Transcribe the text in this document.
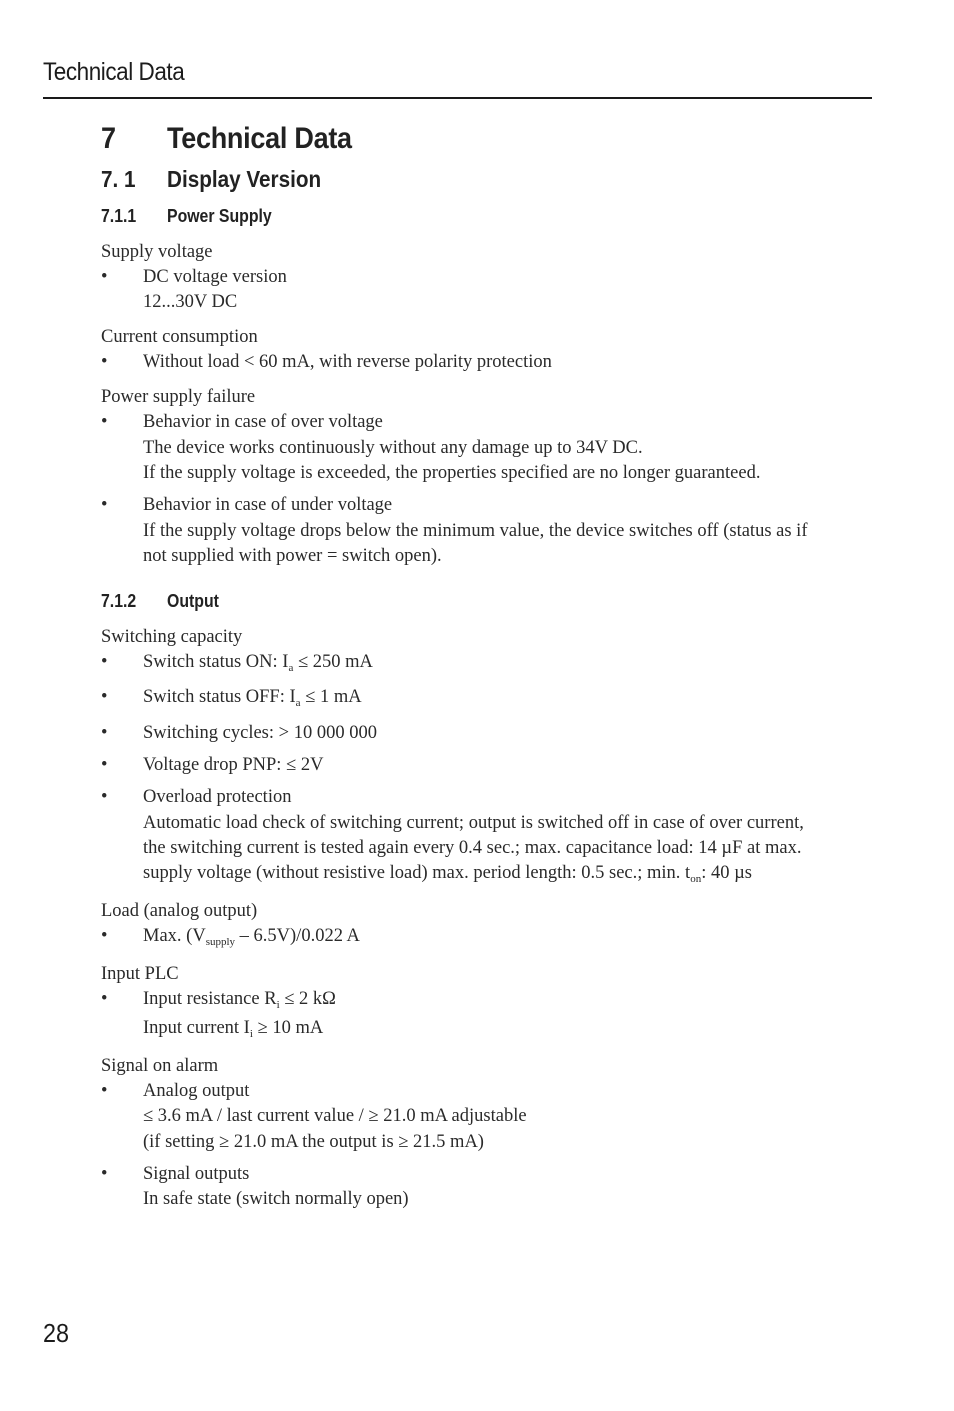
Technical Data
7 Technical Data
7. 1 Display Version
7.1.1 Power Supply
Supply voltage
• DC voltage version
12...30V DC
Current consumption
• Without load < 60 mA, with reverse polarity protection
Power supply failure
• Behavior in case of over voltage
The device works continuously without any damage up to 34V DC.
If the supply voltage is exceeded, the properties specified are no longer guaranteed.
• Behavior in case of under voltage
If the supply voltage drops below the minimum value, the device switches off (status as if
not supplied with power = switch open).
7.1.2 Output
Switching capacity
• Switch status ON: $I_a \le 250$ mA
• Switch status OFF: $I_a \le 1$ mA
• Switching cycles: > 10 000 000
• Voltage drop PNP: ≤ 2V
• Overload protection
Automatic load check of switching current; output is switched off in case of over current,
the switching current is tested again every 0.4 sec.; max. capacitance load: 14 µF at max.
supply voltage (without resistive load) max. period length: 0.5 sec.; min. $t_{on}$: 40 µs
Load (analog output)
• Max. $(V_{supply} - 6.5V)/0.022$ A
Input PLC
• Input resistance $R_i \le 2$ kΩ
Input current $I_i \ge 10$ mA
Signal on alarm
• Analog output
≤ 3.6 mA / last current value / ≥ 21.0 mA adjustable
(if setting ≥ 21.0 mA the output is ≥ 21.5 mA)
• Signal outputs
In safe state (switch normally open)
28
